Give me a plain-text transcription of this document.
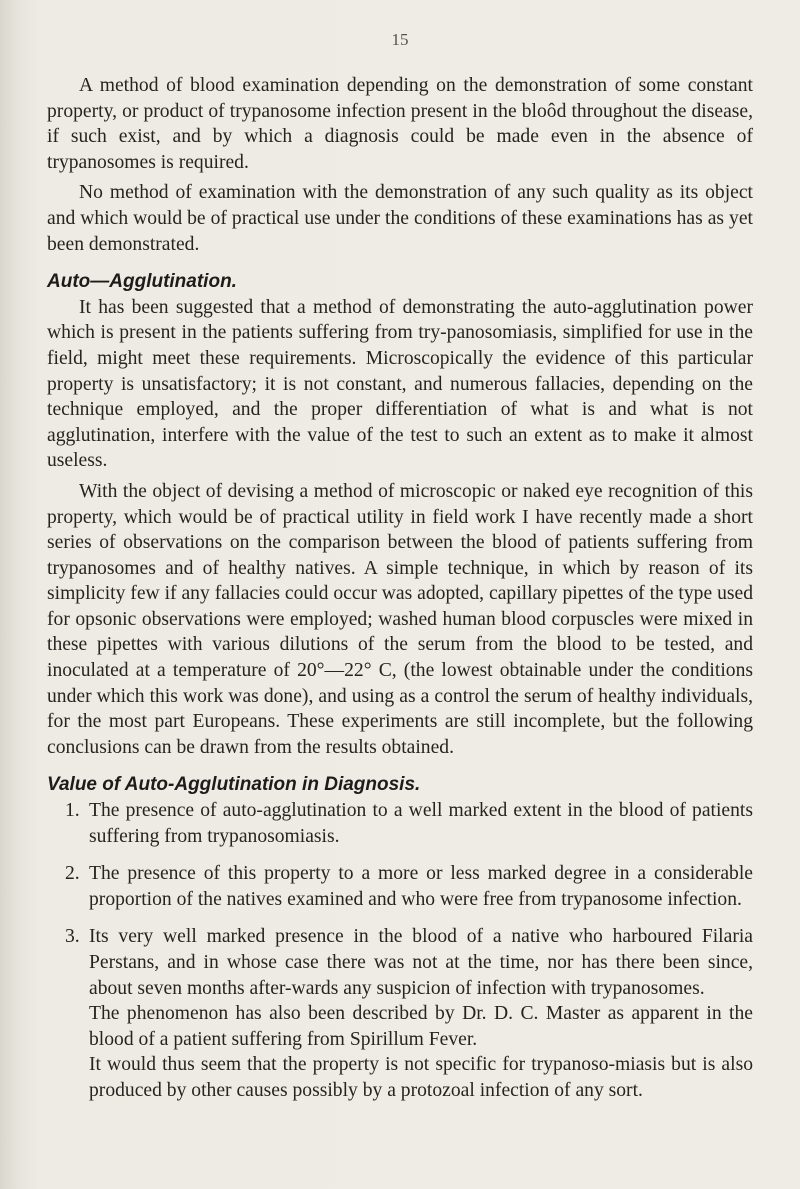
15

A method of blood examination depending on the demonstration of some constant property, or product of trypanosome infection present in the bloôd throughout the disease, if such exist, and by which a diagnosis could be made even in the absence of trypanosomes is required.

No method of examination with the demonstration of any such quality as its object and which would be of practical use under the conditions of these examinations has as yet been demonstrated.

Auto—Agglutination.

It has been suggested that a method of demonstrating the auto-agglutination power which is present in the patients suffering from try-panosomiasis, simplified for use in the field, might meet these requirements. Microscopically the evidence of this particular property is unsatisfactory; it is not constant, and numerous fallacies, depending on the technique employed, and the proper differentiation of what is and what is not agglutination, interfere with the value of the test to such an extent as to make it almost useless.

With the object of devising a method of microscopic or naked eye recognition of this property, which would be of practical utility in field work I have recently made a short series of observations on the comparison between the blood of patients suffering from trypanosomes and of healthy natives. A simple technique, in which by reason of its simplicity few if any fallacies could occur was adopted, capillary pipettes of the type used for opsonic observations were employed; washed human blood corpuscles were mixed in these pipettes with various dilutions of the serum from the blood to be tested, and inoculated at a temperature of 20°—22° C, (the lowest obtainable under the conditions under which this work was done), and using as a control the serum of healthy individuals, for the most part Europeans. These experiments are still incomplete, but the following conclusions can be drawn from the results obtained.

Value of Auto-Agglutination in Diagnosis.
1. The presence of auto-agglutination to a well marked extent in the blood of patients suffering from trypanosomiasis.
2. The presence of this property to a more or less marked degree in a considerable proportion of the natives examined and who were free from trypanosome infection.
3. Its very well marked presence in the blood of a native who harboured Filaria Perstans, and in whose case there was not at the time, nor has there been since, about seven months after-wards any suspicion of infection with trypanosomes.

The phenomenon has also been described by Dr. D. C. Master as apparent in the blood of a patient suffering from Spirillum Fever.

It would thus seem that the property is not specific for trypanoso-miasis but is also produced by other causes possibly by a protozoal infection of any sort.
